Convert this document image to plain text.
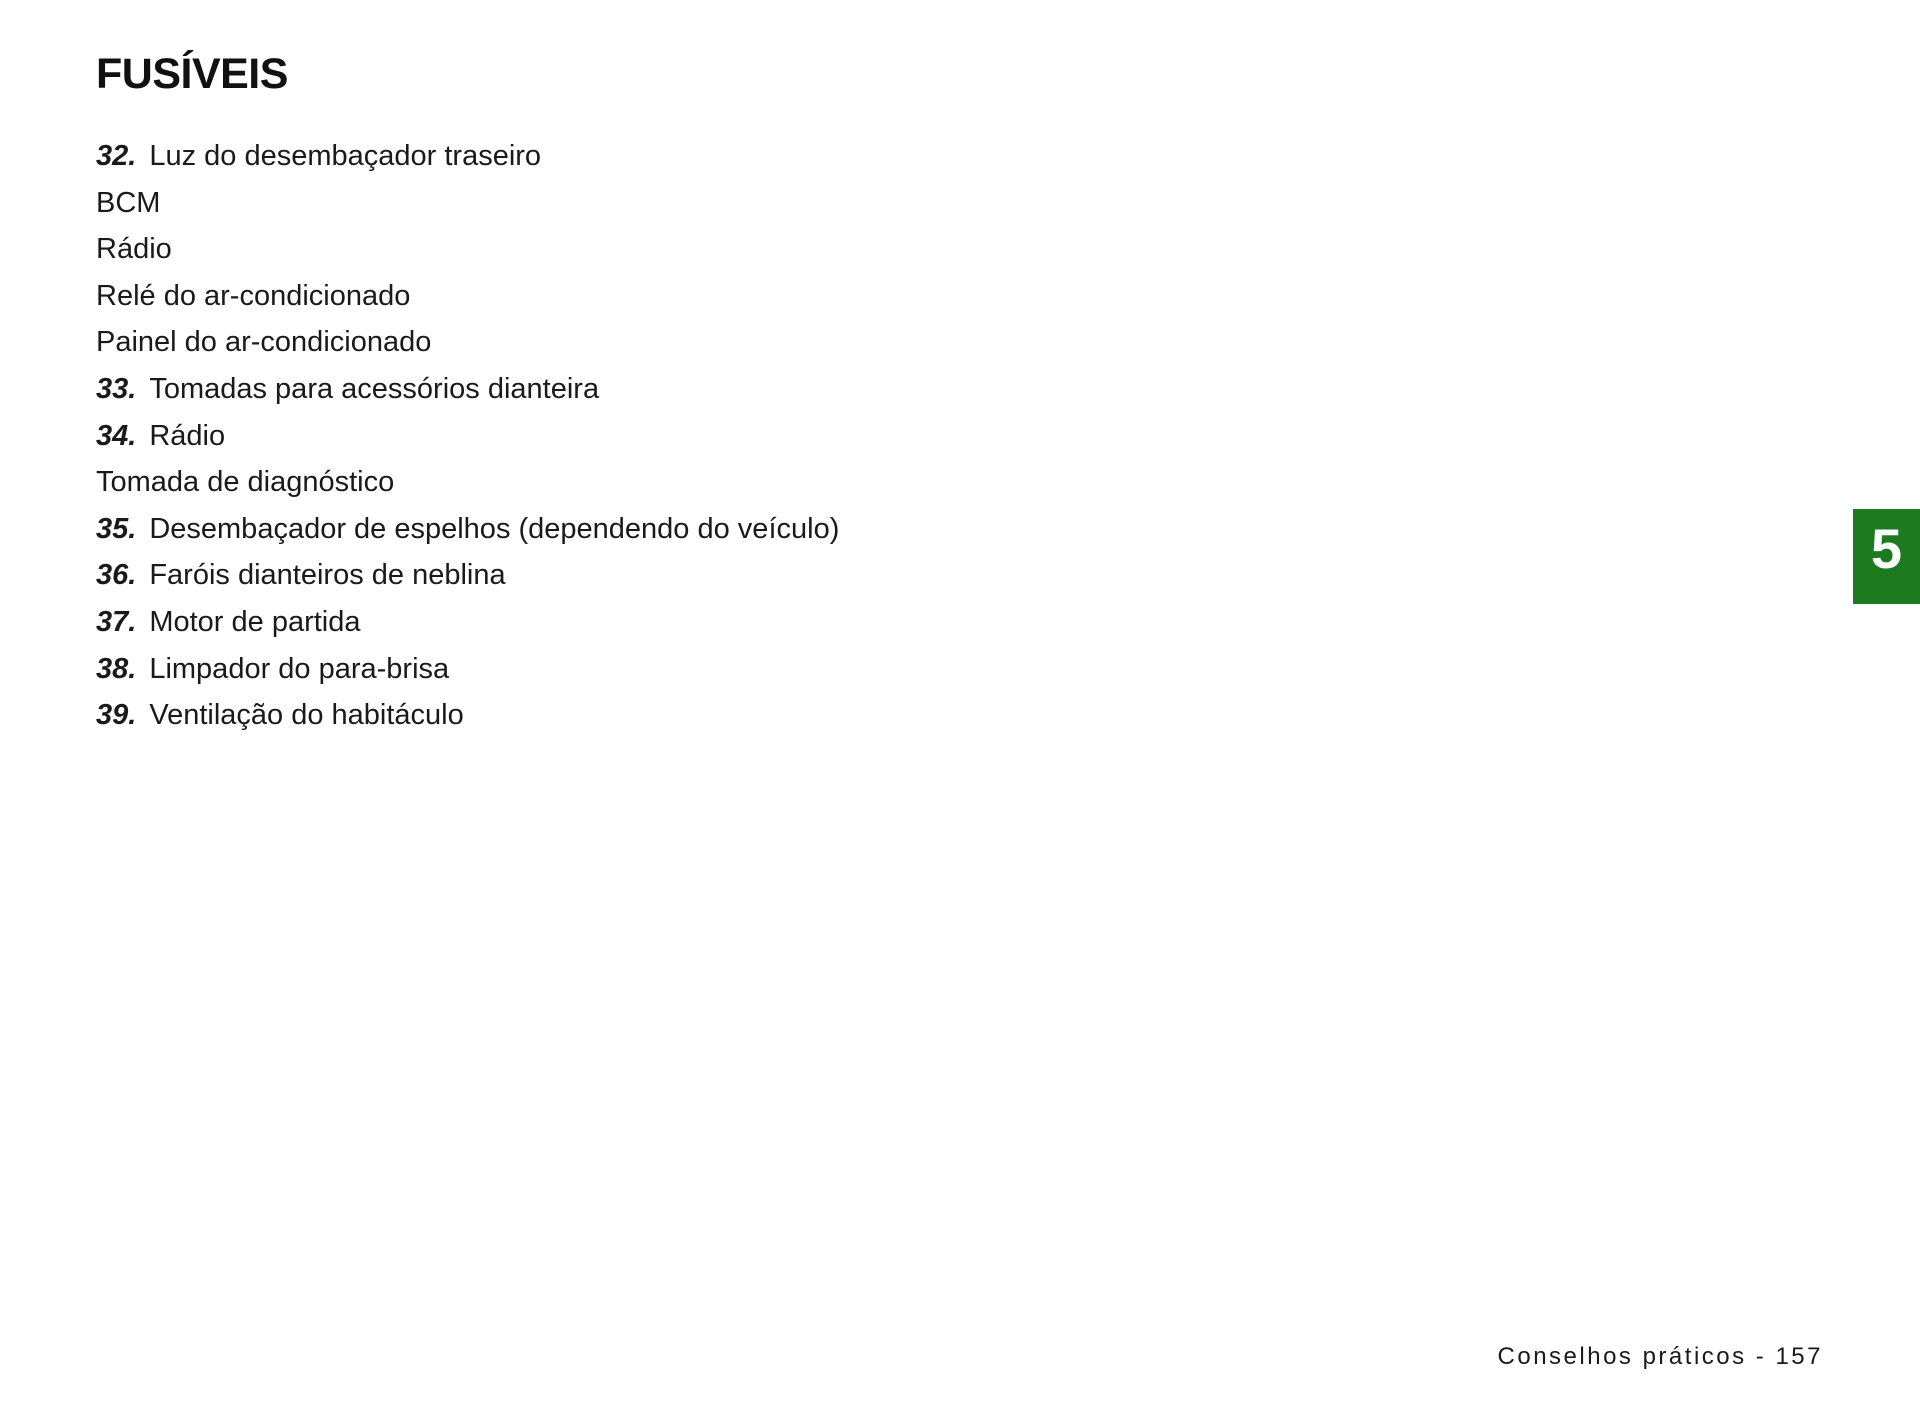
FUSÍVEIS
32. Luz do desembaçador traseiro
BCM
Rádio
Relé do ar-condicionado
Painel do ar-condicionado
33. Tomadas para acessórios dianteira
34. Rádio
Tomada de diagnóstico
35. Desembaçador de espelhos (dependendo do veículo)
36. Faróis dianteiros de neblina
37. Motor de partida
38. Limpador do para-brisa
39. Ventilação do habitáculo
5
Conselhos práticos - 157
